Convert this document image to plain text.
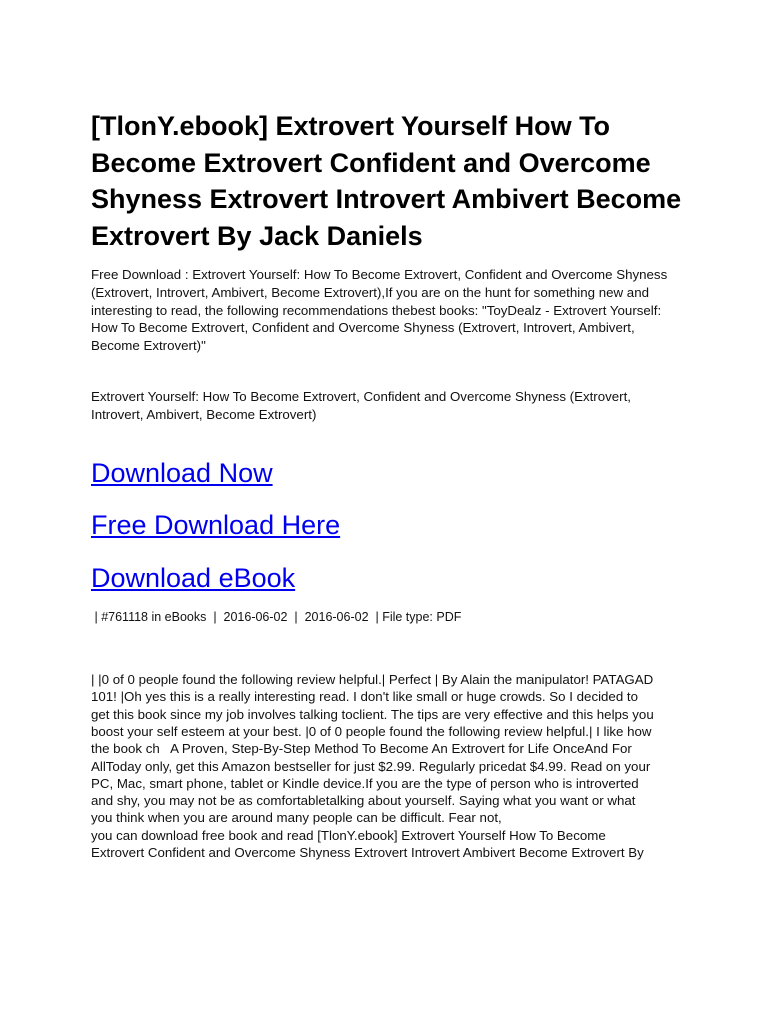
[TlonY.ebook] Extrovert Yourself How To Become Extrovert Confident and Overcome Shyness Extrovert Introvert Ambivert Become Extrovert By Jack Daniels
Free Download : Extrovert Yourself: How To Become Extrovert, Confident and Overcome Shyness (Extrovert, Introvert, Ambivert, Become Extrovert),If you are on the hunt for something new and interesting to read, the following recommendations thebest books: "ToyDealz - Extrovert Yourself: How To Become Extrovert, Confident and Overcome Shyness (Extrovert, Introvert, Ambivert, Become Extrovert)"
Extrovert Yourself: How To Become Extrovert, Confident and Overcome Shyness (Extrovert, Introvert, Ambivert, Become Extrovert)
Download Now
Free Download Here
Download eBook
| #761118 in eBooks  |  2016-06-02  |  2016-06-02  | File type: PDF
| |0 of 0 people found the following review helpful.| Perfect | By Alain the manipulator! PATAGAD
101! |Oh yes this is a really interesting read. I don't like small or huge crowds. So I decided to
get this book since my job involves talking toclient. The tips are very effective and this helps you
boost your self esteem at your best. |0 of 0 people found the following review helpful.| I like how
the book ch   A Proven, Step-By-Step Method To Become An Extrovert for Life OnceAnd For
AllToday only, get this Amazon bestseller for just $2.99. Regularly pricedat $4.99. Read on your
PC, Mac, smart phone, tablet or Kindle device.If you are the type of person who is introverted
and shy, you may not be as comfortabletalking about yourself. Saying what you want or what
you think when you are around many people can be difficult. Fear not,
you can download free book and read [TlonY.ebook] Extrovert Yourself How To Become
Extrovert Confident and Overcome Shyness Extrovert Introvert Ambivert Become Extrovert By
